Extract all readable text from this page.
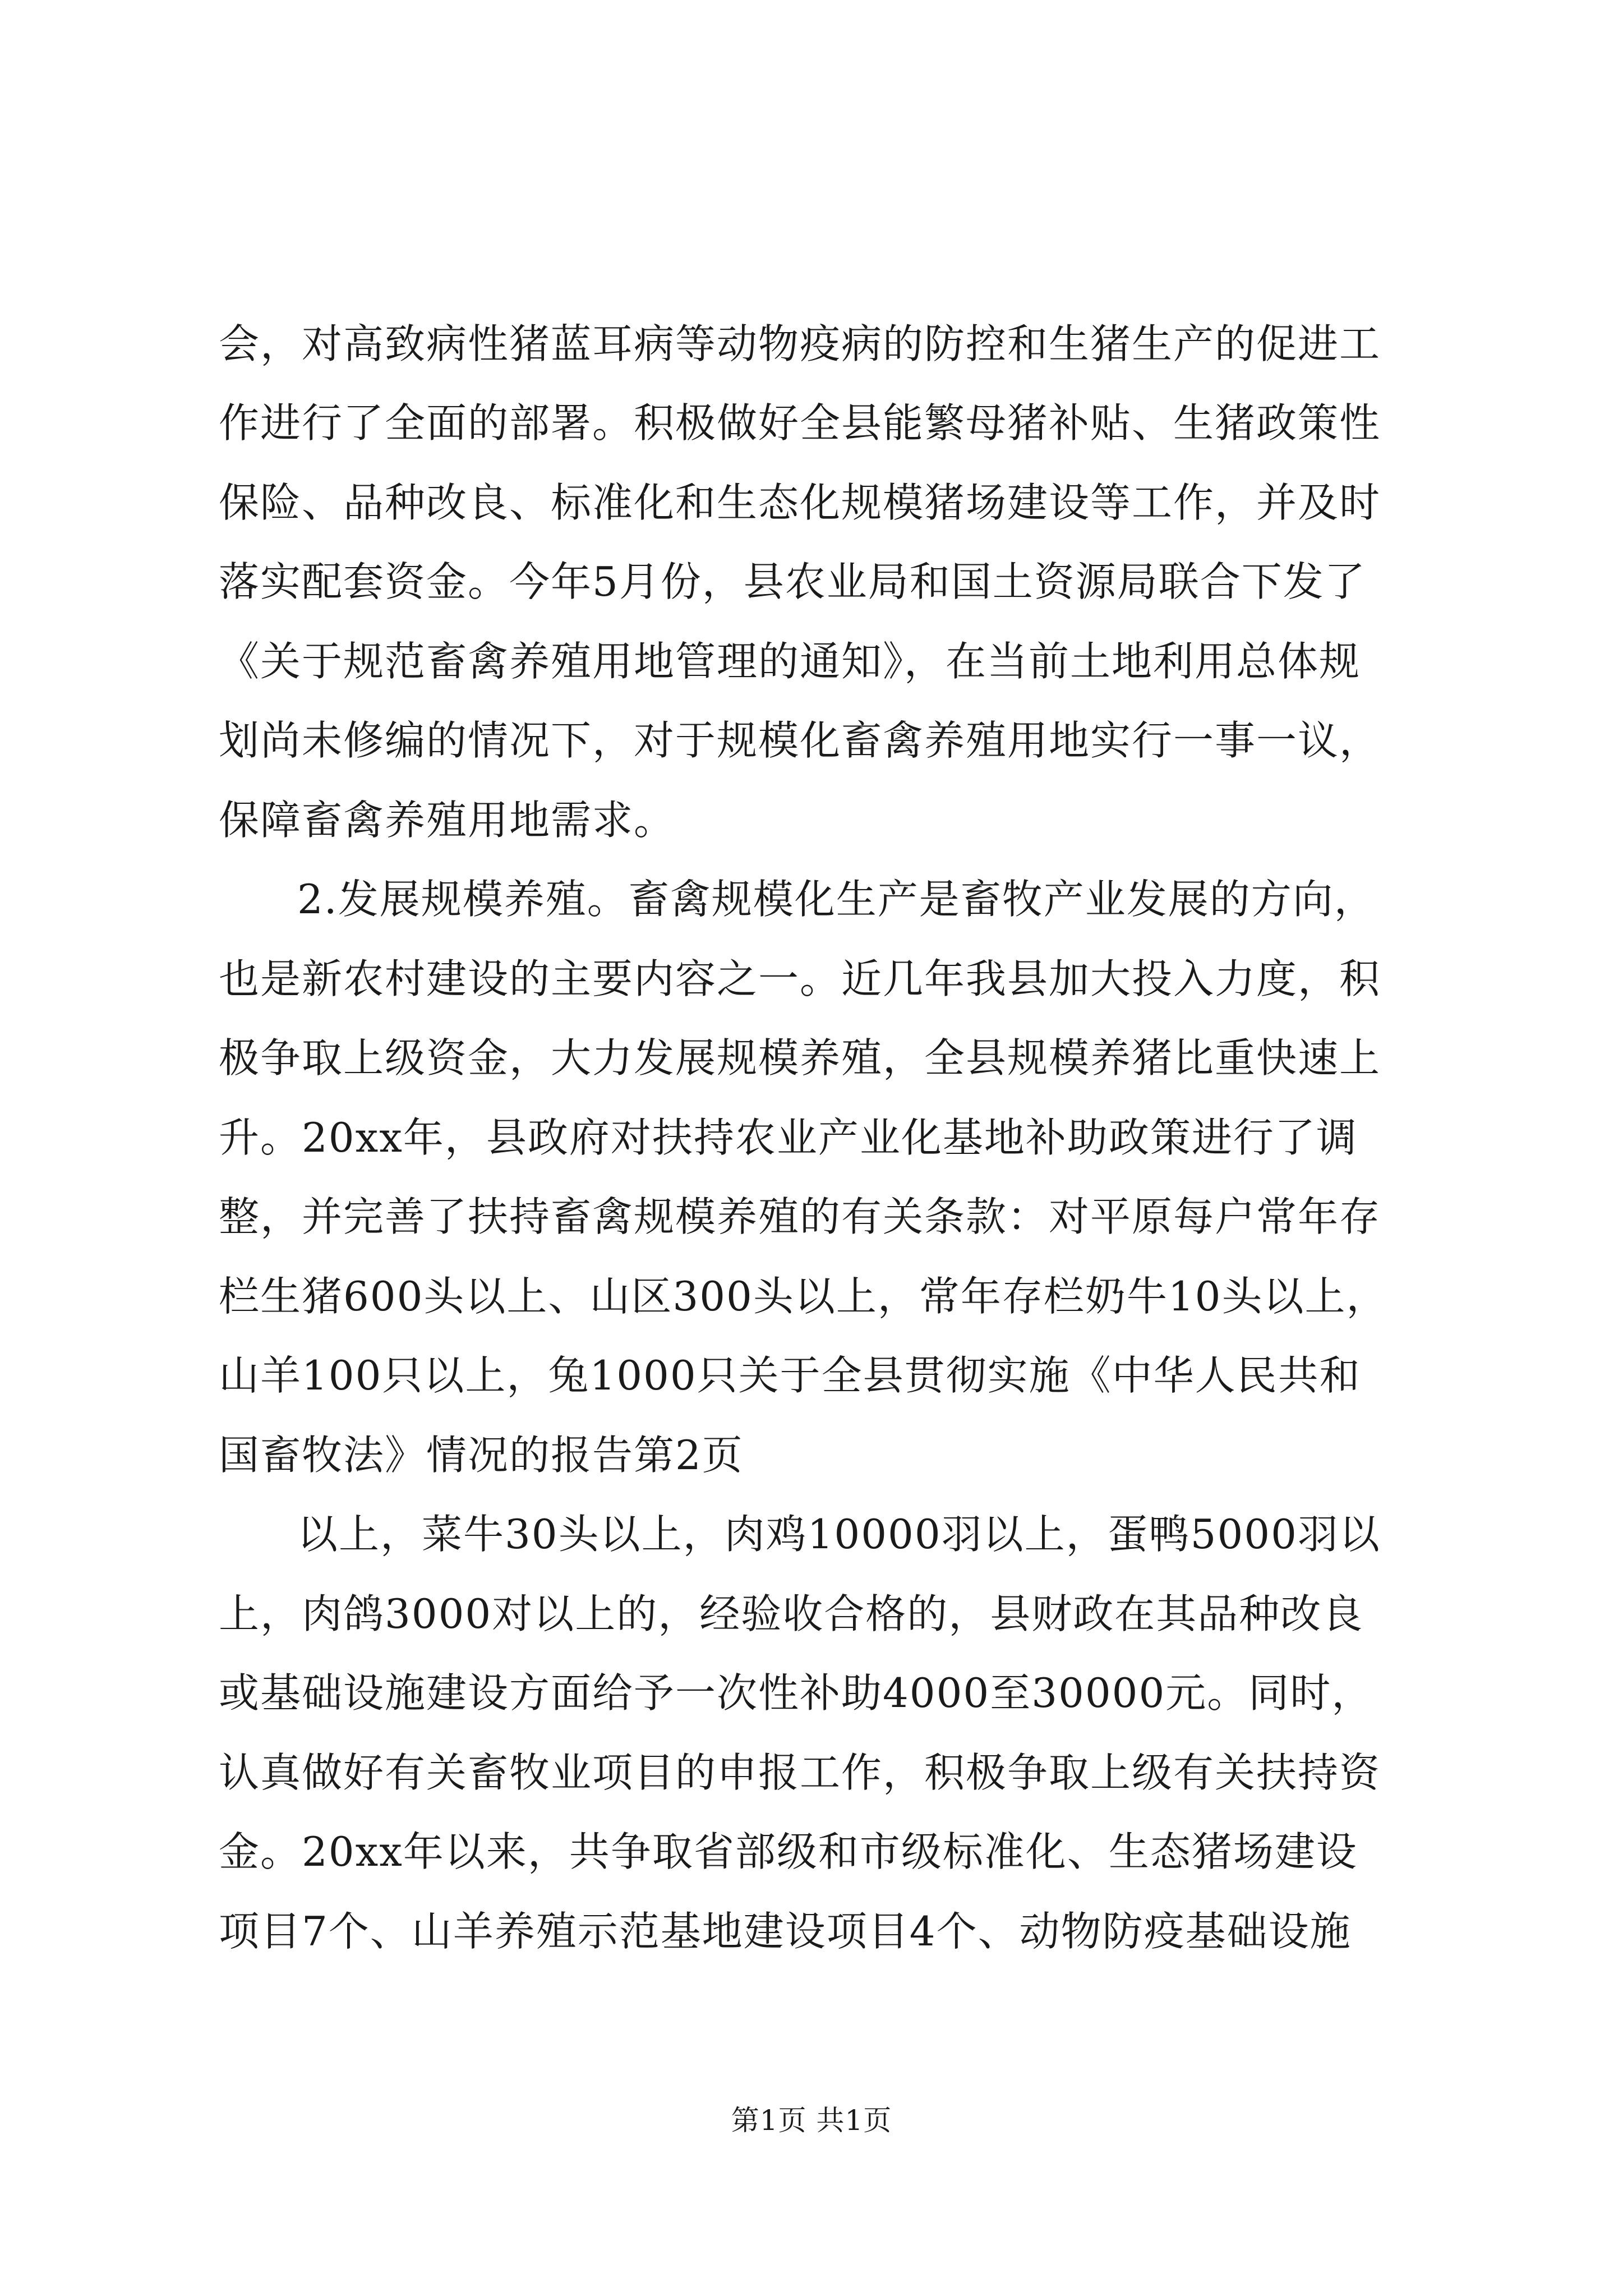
会，对高致病性猪蓝耳病等动物疫病的防控和生猪生产的促进工
作进行了全面的部署。积极做好全县能繁母猪补贴、生猪政策性
保险、品种改良、标准化和生态化规模猪场建设等工作，并及时
落实配套资金。今年5月份，县农业局和国土资源局联合下发了
《关于规范畜禽养殖用地管理的通知》，在当前土地利用总体规
划尚未修编的情况下，对于规模化畜禽养殖用地实行一事一议，
保障畜禽养殖用地需求。
2.发展规模养殖。畜禽规模化生产是畜牧产业发展的方向，
也是新农村建设的主要内容之一。近几年我县加大投入力度，积
极争取上级资金，大力发展规模养殖，全县规模养猪比重快速上
升。20xx年，县政府对扶持农业产业化基地补助政策进行了调
整，并完善了扶持畜禽规模养殖的有关条款：对平原每户常年存
栏生猪600头以上、山区300头以上，常年存栏奶牛10头以上，
山羊100只以上，兔1000只关于全县贯彻实施《中华人民共和
国畜牧法》情况的报告第2页
以上，菜牛30头以上，肉鸡10000羽以上，蛋鸭5000羽以
上，肉鸽3000对以上的，经验收合格的，县财政在其品种改良
或基础设施建设方面给予一次性补助4000至30000元。同时，
认真做好有关畜牧业项目的申报工作，积极争取上级有关扶持资
金。20xx年以来，共争取省部级和市级标准化、生态猪场建设
项目7个、山羊养殖示范基地建设项目4个、动物防疫基础设施
第1页 共1页
